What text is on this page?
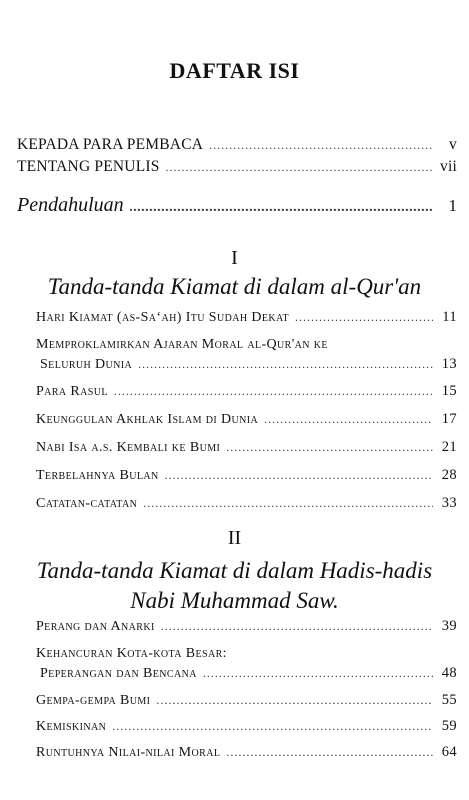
DAFTAR ISI
KEPADA PARA PEMBACA .....	v
TENTANG PENULIS .....	vii
Pendahuluan .....	1
I
Tanda-tanda Kiamat di dalam al-Qur'an
Hari Kiamat (as-Sa‘ah) Itu Sudah Dekat .....	11
Memproklamirkan Ajaran Moral al-Qur'an ke
Seluruh Dunia .....	13
Para Rasul .....	15
Keunggulan Akhlak Islam di Dunia .....	17
Nabi Isa a.s. Kembali ke Bumi .....	21
Terbelahnya Bulan .....	28
Catatan-catatan .....	33
II
Tanda-tanda Kiamat di dalam Hadis-hadis
Nabi Muhammad Saw.
Perang dan Anarki .....	39
Kehancuran Kota-kota Besar:
Peperangan dan Bencana .....	48
Gempa-gempa Bumi .....	55
Kemiskinan .....	59
Runtuhnya Nilai-nilai Moral .....	64
